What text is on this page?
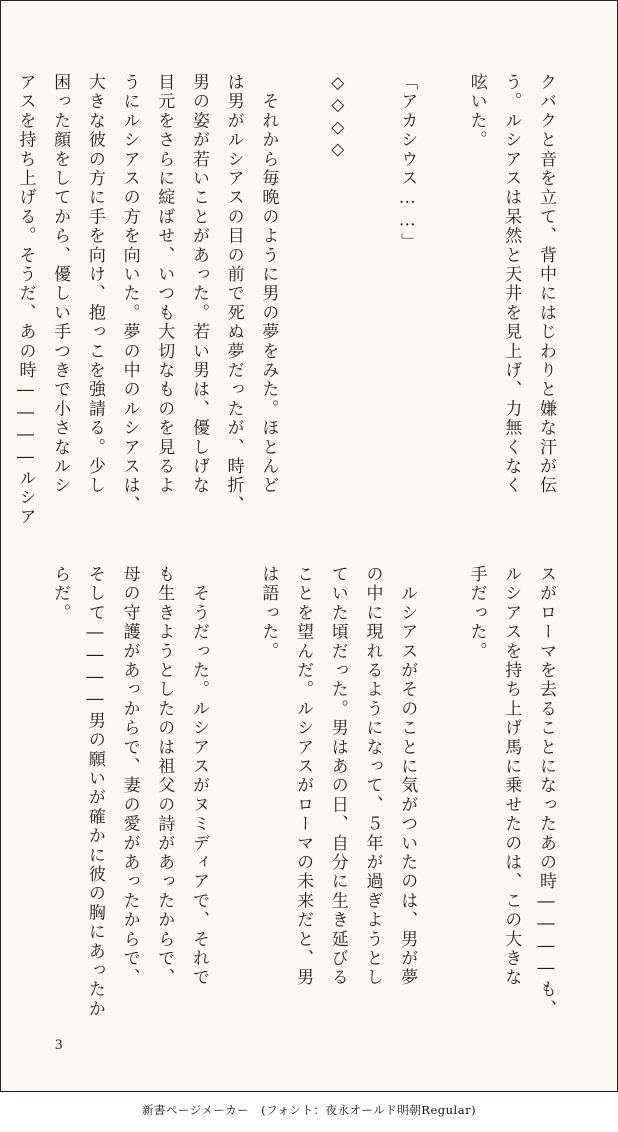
クバクと音を立て、背中にはじわりと嫌な汗が伝
う。ルシアスは呆然と天井を見上げ、力無くなく
呟いた。

「アカシウス……」

◇◇◇◇

　それから毎晩のように男の夢をみた。ほとんど
は男がルシアスの目の前で死ぬ夢だったが、時折、
男の姿が若いことがあった。若い男は、優しげな
目元をさらに綻ばせ、いつも大切なものを見るよ
うにルシアスの方を向いた。夢の中のルシアスは、
大きな彼の方に手を向け、抱っこを強請る。少し
困った顔をしてから、優しい手つきで小さなルシ
アスを持ち上げる。そうだ、あの時――――ルシア
スがローマを去ることになったあの時――――も、
ルシアスを持ち上げ馬に乗せたのは、この大きな
手だった。

　ルシアスがそのことに気がついたのは、男が夢
の中に現れるようになって、５年が過ぎようとし
ていた頃だった。男はあの日、自分に生き延びる
ことを望んだ。ルシアスがローマの未来だと、男
は語った。

　そうだった。ルシアスがヌミディアで、それで
も生きようとしたのは祖父の詩があったからで、
母の守護があっからで、妻の愛があったからで、
そして――――男の願いが確かに彼の胸にあったか
らだ。
3
新書ページメーカー　(フォント：夜永オールド明朝Regular)
